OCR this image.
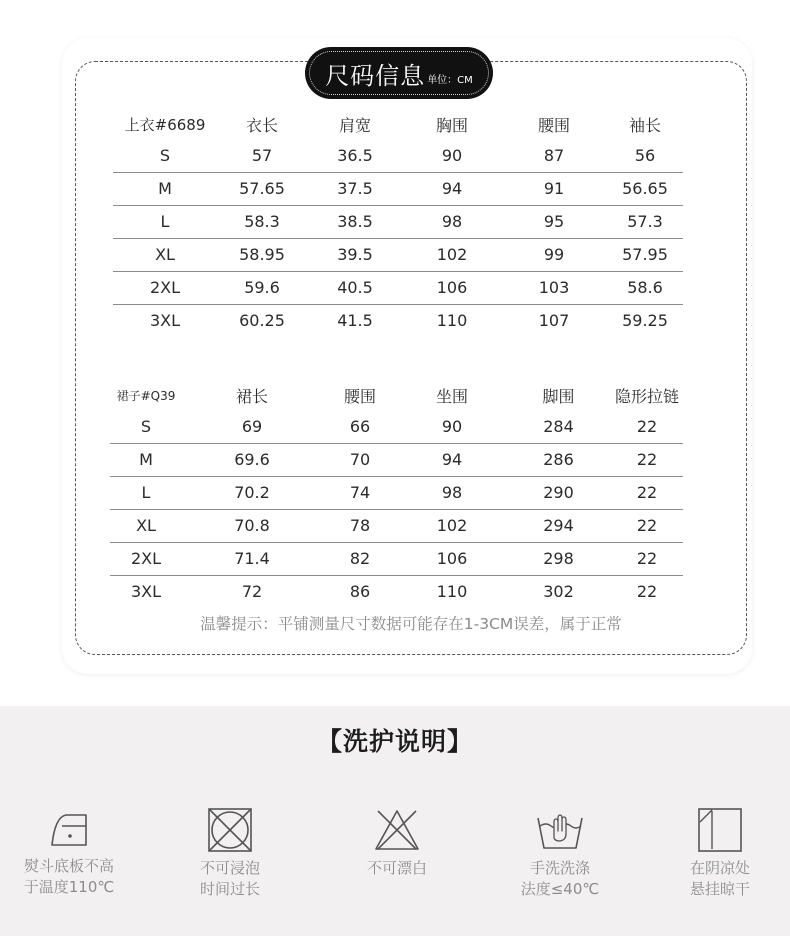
尺码信息 单位：CM
上衣#6689	衣长	肩宽	胸围	腰围	袖长
S	57	36.5	90	87	56
M	57.65	37.5	94	91	56.65
L	58.3	38.5	98	95	57.3
XL	58.95	39.5	102	99	57.95
2XL	59.6	40.5	106	103	58.6
3XL	60.25	41.5	110	107	59.25
裙子#Q39	裙长	腰围	坐围	脚围	隐形拉链
S	69	66	90	284	22
M	69.6	70	94	286	22
L	70.2	74	98	290	22
XL	70.8	78	102	294	22
2XL	71.4	82	106	298	22
3XL	72	86	110	302	22
温馨提示：平铺测量尺寸数据可能存在1-3CM误差，属于正常
【洗护说明】
熨斗底板不高
于温度110℃
不可浸泡
时间过长
不可漂白	手洗洗涤
法度≤40℃
在阴凉处
悬挂晾干
